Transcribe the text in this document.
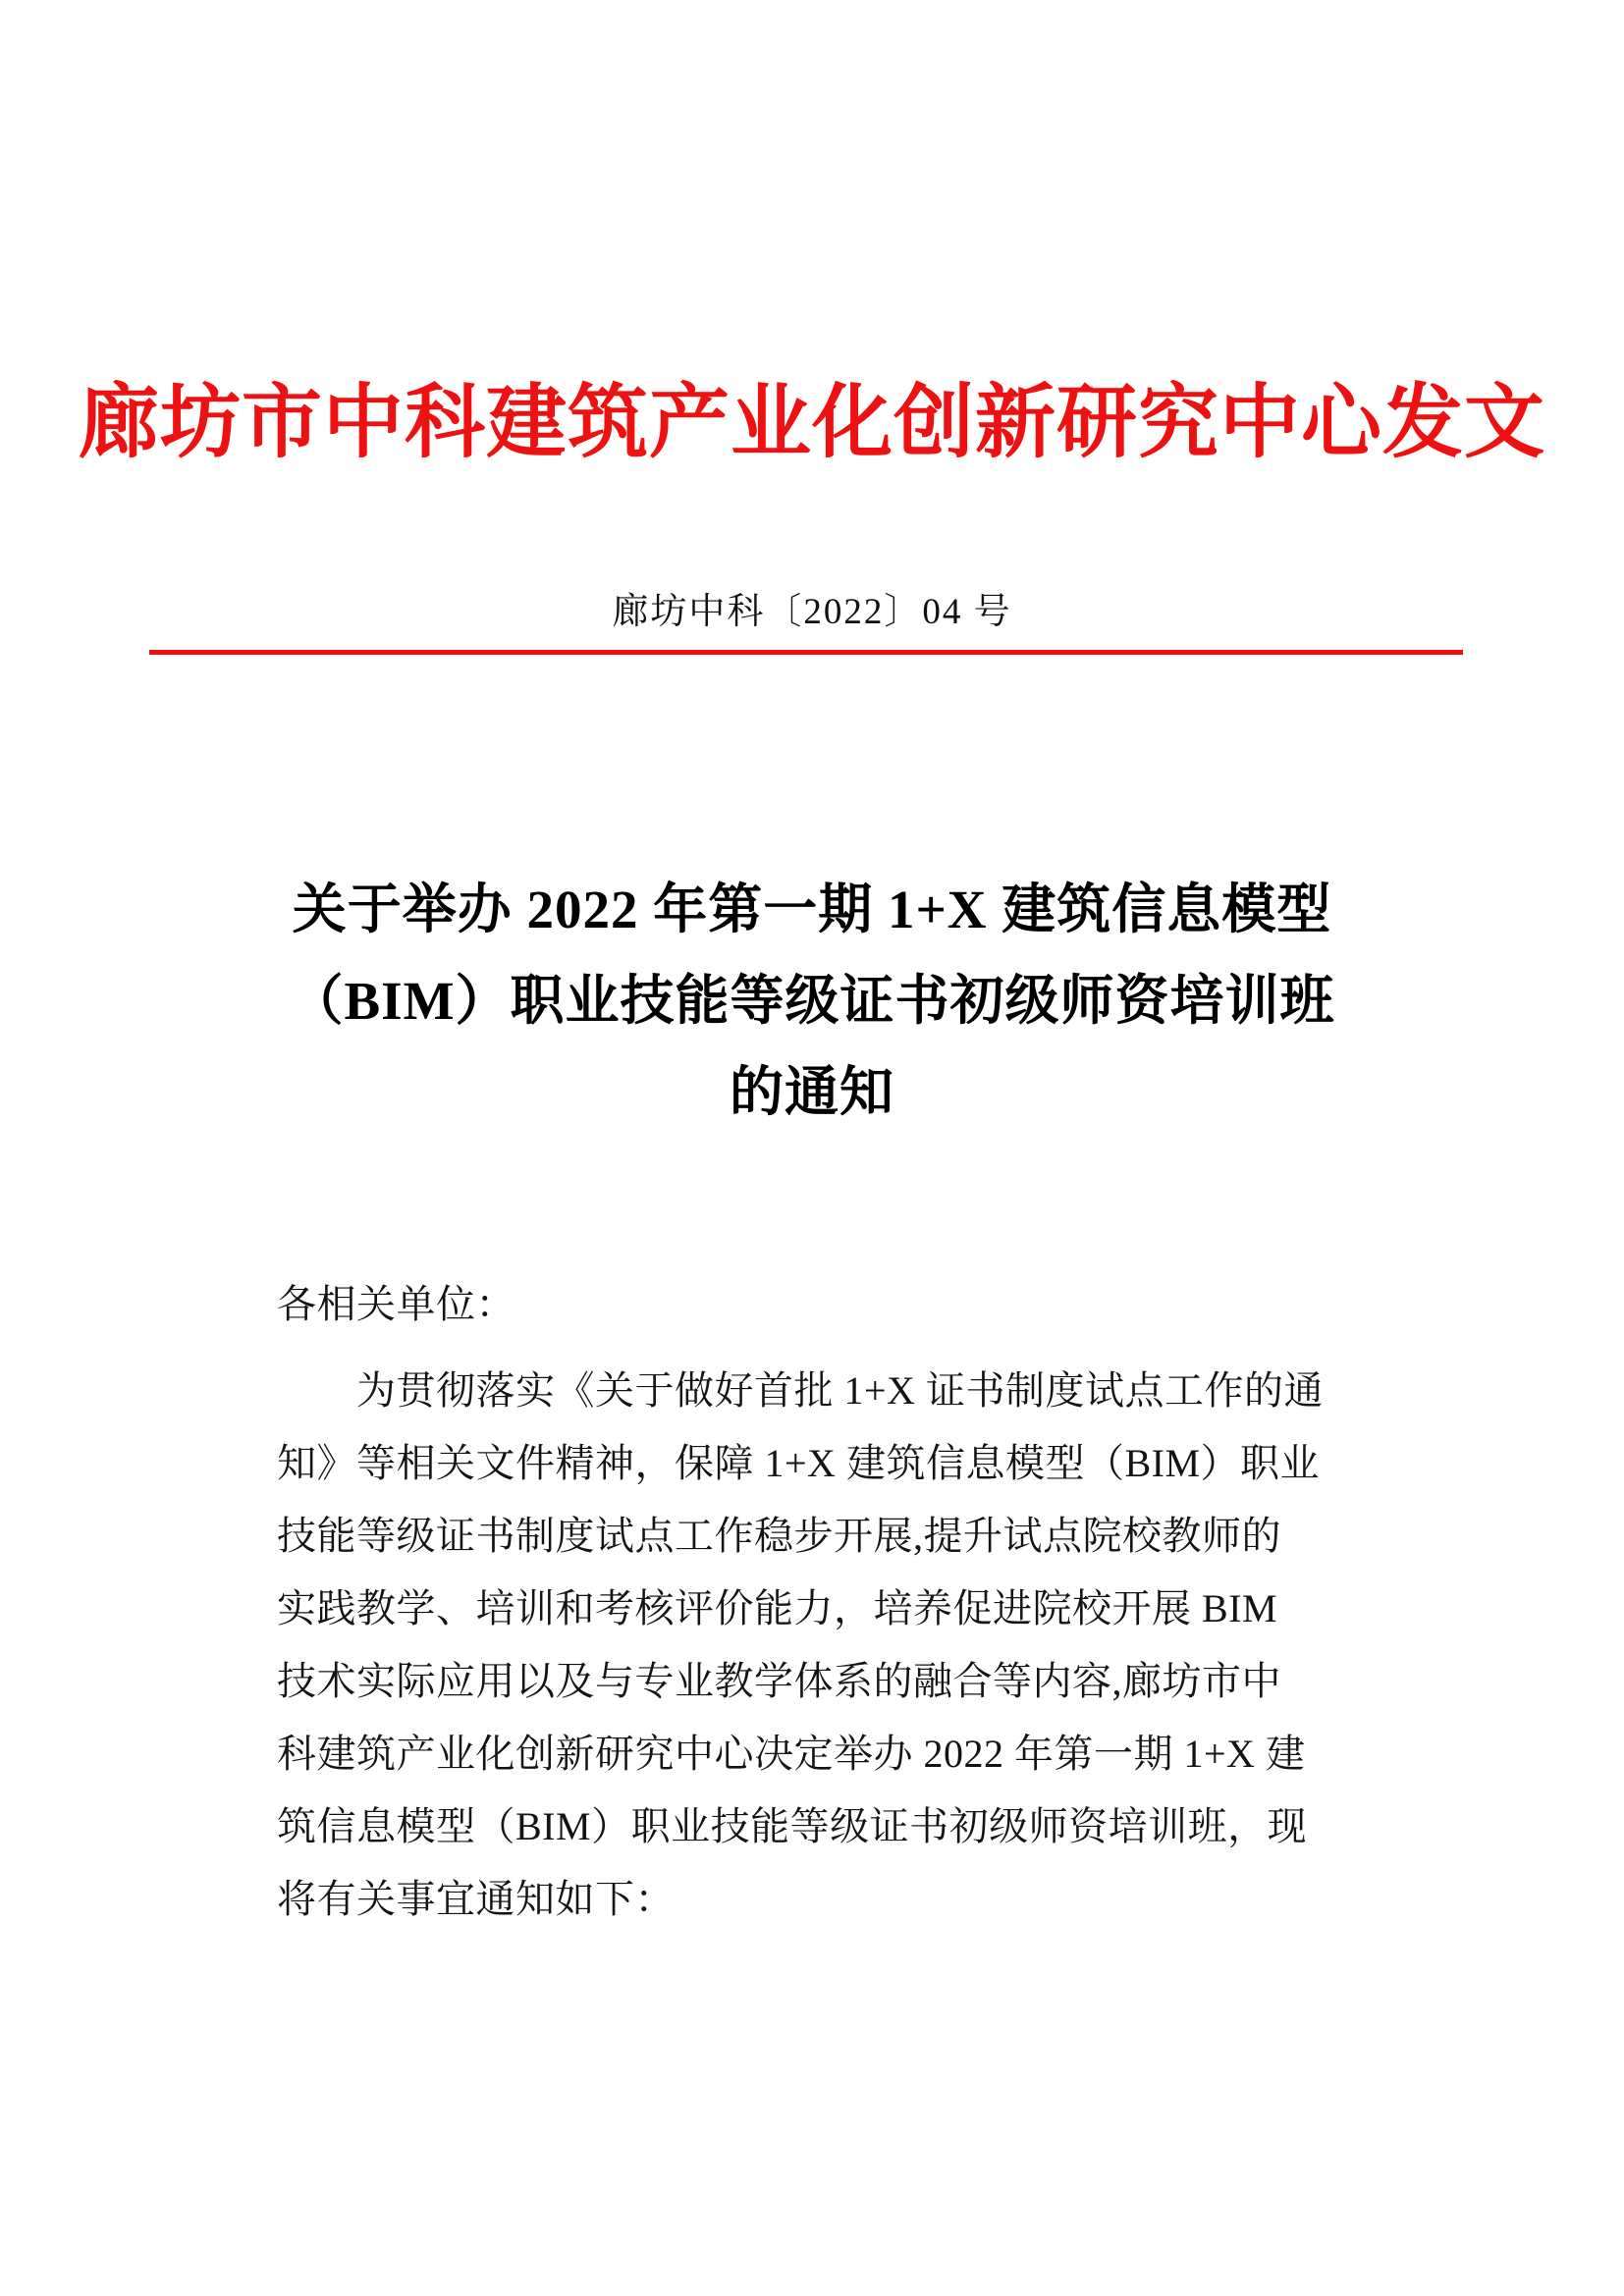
廊坊市中科建筑产业化创新研究中心发文
廊坊中科〔2022〕04 号
关于举办 2022 年第一期 1+X 建筑信息模型
（BIM）职业技能等级证书初级师资培训班
的通知
各相关单位：
　　为贯彻落实《关于做好首批 1+X 证书制度试点工作的通
知》等相关文件精神，保障 1+X 建筑信息模型（BIM）职业
技能等级证书制度试点工作稳步开展,提升试点院校教师的
实践教学、培训和考核评价能力，培养促进院校开展 BIM
技术实际应用以及与专业教学体系的融合等内容,廊坊市中
科建筑产业化创新研究中心决定举办 2022 年第一期 1+X 建
筑信息模型（BIM）职业技能等级证书初级师资培训班，现
将有关事宜通知如下：
